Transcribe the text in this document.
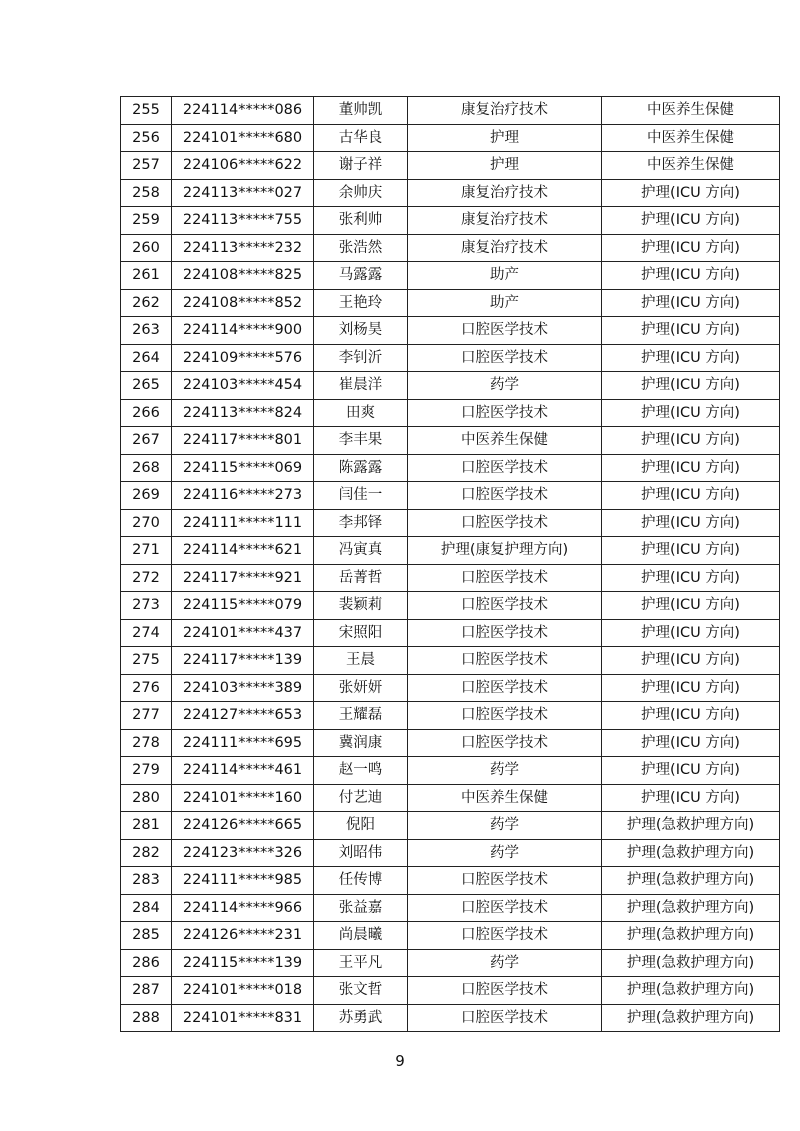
255	224114*****086	董帅凯	康复治疗技术	中医养生保健
256	224101*****680	古华良	护理	中医养生保健
257	224106*****622	谢子祥	护理	中医养生保健
258	224113*****027	余帅庆	康复治疗技术	护理(ICU 方向)
259	224113*****755	张利帅	康复治疗技术	护理(ICU 方向)
260	224113*****232	张浩然	康复治疗技术	护理(ICU 方向)
261	224108*****825	马露露	助产	护理(ICU 方向)
262	224108*****852	王艳玲	助产	护理(ICU 方向)
263	224114*****900	刘杨昊	口腔医学技术	护理(ICU 方向)
264	224109*****576	李钊沂	口腔医学技术	护理(ICU 方向)
265	224103*****454	崔晨洋	药学	护理(ICU 方向)
266	224113*****824	田爽	口腔医学技术	护理(ICU 方向)
267	224117*****801	李丰果	中医养生保健	护理(ICU 方向)
268	224115*****069	陈露露	口腔医学技术	护理(ICU 方向)
269	224116*****273	闫佳一	口腔医学技术	护理(ICU 方向)
270	224111*****111	李邦铎	口腔医学技术	护理(ICU 方向)
271	224114*****621	冯寅真	护理(康复护理方向)	护理(ICU 方向)
272	224117*****921	岳菁哲	口腔医学技术	护理(ICU 方向)
273	224115*****079	裴颖莉	口腔医学技术	护理(ICU 方向)
274	224101*****437	宋照阳	口腔医学技术	护理(ICU 方向)
275	224117*****139	王晨	口腔医学技术	护理(ICU 方向)
276	224103*****389	张妍妍	口腔医学技术	护理(ICU 方向)
277	224127*****653	王耀磊	口腔医学技术	护理(ICU 方向)
278	224111*****695	冀润康	口腔医学技术	护理(ICU 方向)
279	224114*****461	赵一鸣	药学	护理(ICU 方向)
280	224101*****160	付艺迪	中医养生保健	护理(ICU 方向)
281	224126*****665	倪阳	药学	护理(急救护理方向)
282	224123*****326	刘昭伟	药学	护理(急救护理方向)
283	224111*****985	任传博	口腔医学技术	护理(急救护理方向)
284	224114*****966	张益嘉	口腔医学技术	护理(急救护理方向)
285	224126*****231	尚晨曦	口腔医学技术	护理(急救护理方向)
286	224115*****139	王平凡	药学	护理(急救护理方向)
287	224101*****018	张文哲	口腔医学技术	护理(急救护理方向)
288	224101*****831	苏勇武	口腔医学技术	护理(急救护理方向)
9
